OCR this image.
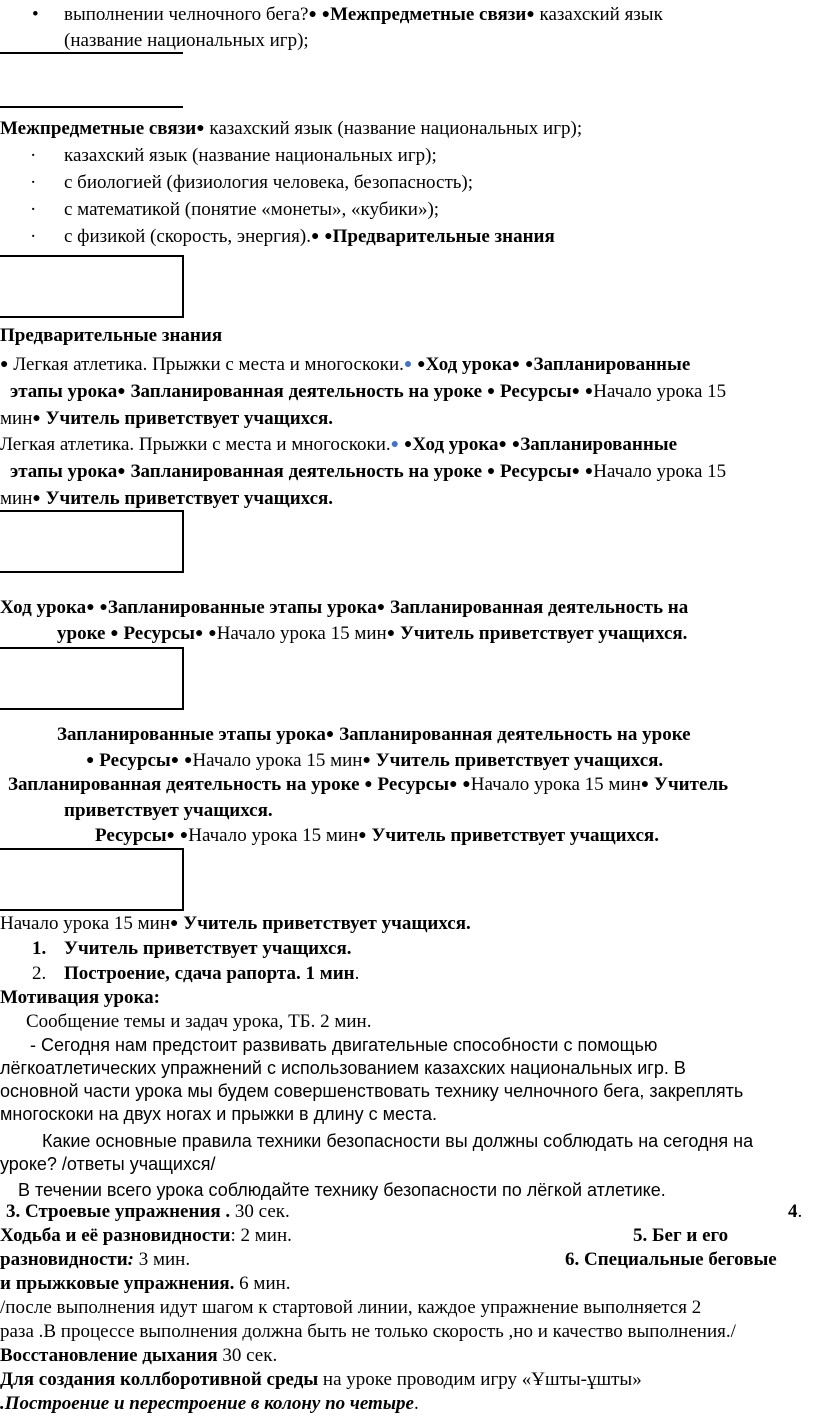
• выполнении челночного бега?● ●Межпредметные связи● казахский язык
(название национальных игр);
Межпредметные связи● казахский язык (название национальных игр);
· казахский язык (название национальных игр);
· с биологией (физиология человека, безопасность);
· с математикой (понятие «монеты», «кубики»);
· с физикой (скорость, энергия).● ●Предварительные знания
Предварительные знания
● Легкая атлетика. Прыжки с места и многоскоки.● ●Ход урока● ●Запланированные
этапы урока● Запланированная деятельность на уроке ● Ресурсы● ●Начало урока 15
мин● Учитель приветствует учащихся.
Легкая атлетика. Прыжки с места и многоскоки.● ●Ход урока● ●Запланированные
этапы урока● Запланированная деятельность на уроке ● Ресурсы● ●Начало урока 15
мин● Учитель приветствует учащихся.
Ход урока● ●Запланированные этапы урока● Запланированная деятельность на
уроке ● Ресурсы● ●Начало урока 15 мин● Учитель приветствует учащихся.
Запланированные этапы урока● Запланированная деятельность на уроке
● Ресурсы● ●Начало урока 15 мин● Учитель приветствует учащихся.
Запланированная деятельность на уроке ● Ресурсы● ●Начало урока 15 мин● Учитель
приветствует учащихся.
Ресурсы● ●Начало урока 15 мин● Учитель приветствует учащихся.
Начало урока 15 мин● Учитель приветствует учащихся.
1. Учитель приветствует учащихся.
2. Построение, сдача рапорта. 1 мин.
Мотивация урока:
Сообщение темы и задач урока, ТБ. 2 мин.
- Сегодня нам предстоит развивать двигательные способности с помощью
лёгкоатлетических упражнений с использованием казахских национальных игр. В
основной части урока мы будем совершенствовать технику челночного бега, закреплять
многоскоки на двух ногах и прыжки в длину с места.
Какие основные правила техники безопасности вы должны соблюдать на сегодня на
уроке? /ответы учащихся/
В течении всего урока соблюдайте технику безопасности по лёгкой атлетике.
3. Строевые упражнения . 30 сек.	4.
Ходьба и её разновидности: 2 мин.	5. Бег и его
разновидности: 3 мин.	6. Специальные беговые
и прыжковые упражнения. 6 мин.
/после выполнения идут шагом к стартовой линии, каждое упражнение выполняется 2
раза .В процессе выполнения должна быть не только скорость ,но и качество выполнения./
Восстановление дыхания 30 сек.
Для создания коллборотивной среды на уроке проводим игру «Ұшты-ұшты»
.Построение и перестроение в колону по четыре.
